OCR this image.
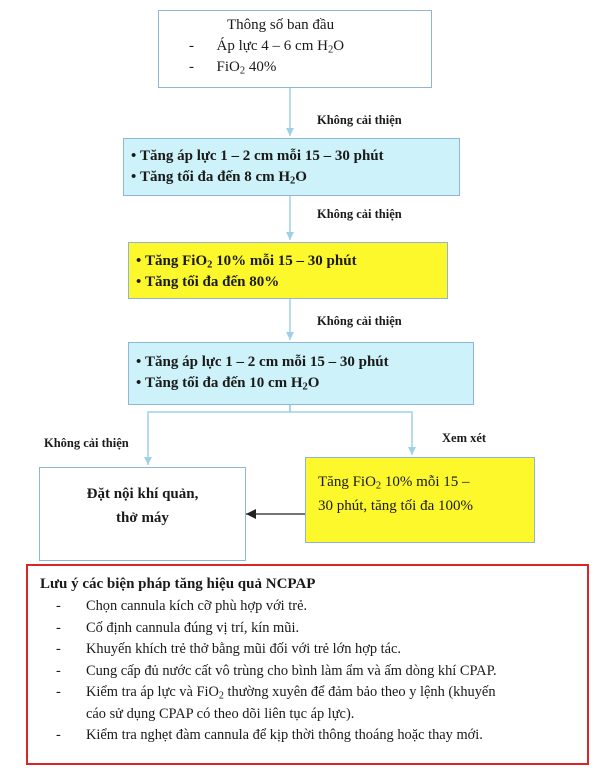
Thông số ban đầu
- Áp lực 4 – 6 cm $H_2O$
- FiO$_2$ 40%
Không cải thiện
• Tăng áp lực 1 – 2 cm mỗi 15 – 30 phút
• Tăng tối đa đến 8 cm $H_2O$
Không cải thiện
• Tăng FiO$_2$ 10% mỗi 15 – 30 phút
• Tăng tối đa đến 80%
Không cải thiện
• Tăng áp lực 1 – 2 cm mỗi 15 – 30 phút
• Tăng tối đa đến 10 cm $H_2O$
Không cải thiện	Xem xét
Đặt nội khí quản,
thở máy
Tăng FiO$_2$ 10% mỗi 15 –
30 phút, tăng tối đa 100%
Lưu ý các biện pháp tăng hiệu quả NCPAP
- Chọn cannula kích cỡ phù hợp với trẻ.
- Cố định cannula đúng vị trí, kín mũi.
- Khuyến khích trẻ thở bằng mũi đối với trẻ lớn hợp tác.
- Cung cấp đủ nước cất vô trùng cho bình làm ẩm và ấm dòng khí CPAP.
- Kiểm tra áp lực và FiO$_2$ thường xuyên để đảm bảo theo y lệnh (khuyến
cáo sử dụng CPAP có theo dõi liên tục áp lực).
- Kiểm tra nghẹt đàm cannula để kịp thời thông thoáng hoặc thay mới.
